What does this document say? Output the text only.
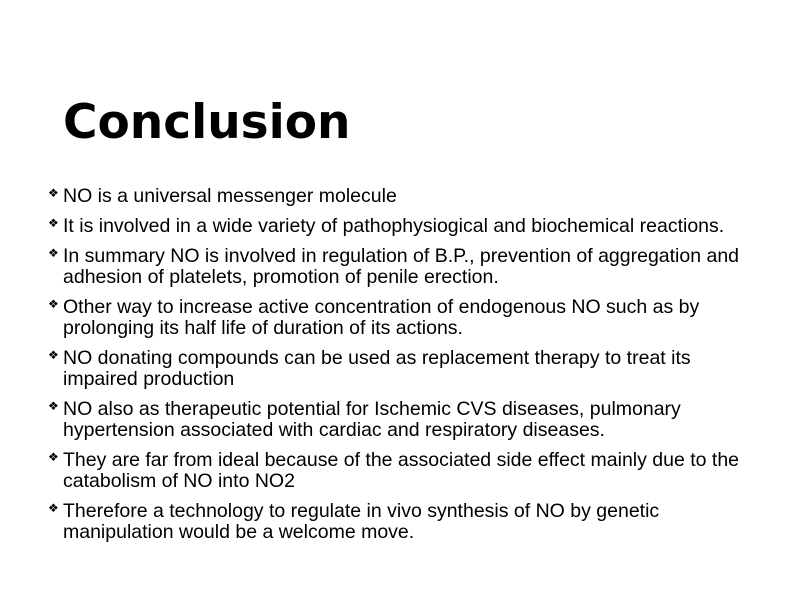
Conclusion
❖ NO is a universal messenger molecule
❖ It is involved in a wide variety of pathophysiogical and biochemical reactions.
❖ In summary NO is involved in regulation of B.P., prevention of aggregation and adhesion of platelets, promotion of penile erection.
❖ Other way to increase active concentration of endogenous NO such as by prolonging its half life of duration of its actions.
❖ NO donating compounds can be used as replacement therapy to treat its impaired production
❖ NO also as therapeutic potential for Ischemic CVS diseases, pulmonary hypertension associated with cardiac and respiratory diseases.
❖ They are far from ideal because of the associated side effect mainly due to the catabolism of NO into NO2
❖ Therefore a technology to regulate in vivo synthesis of NO by genetic manipulation would be a welcome move.
